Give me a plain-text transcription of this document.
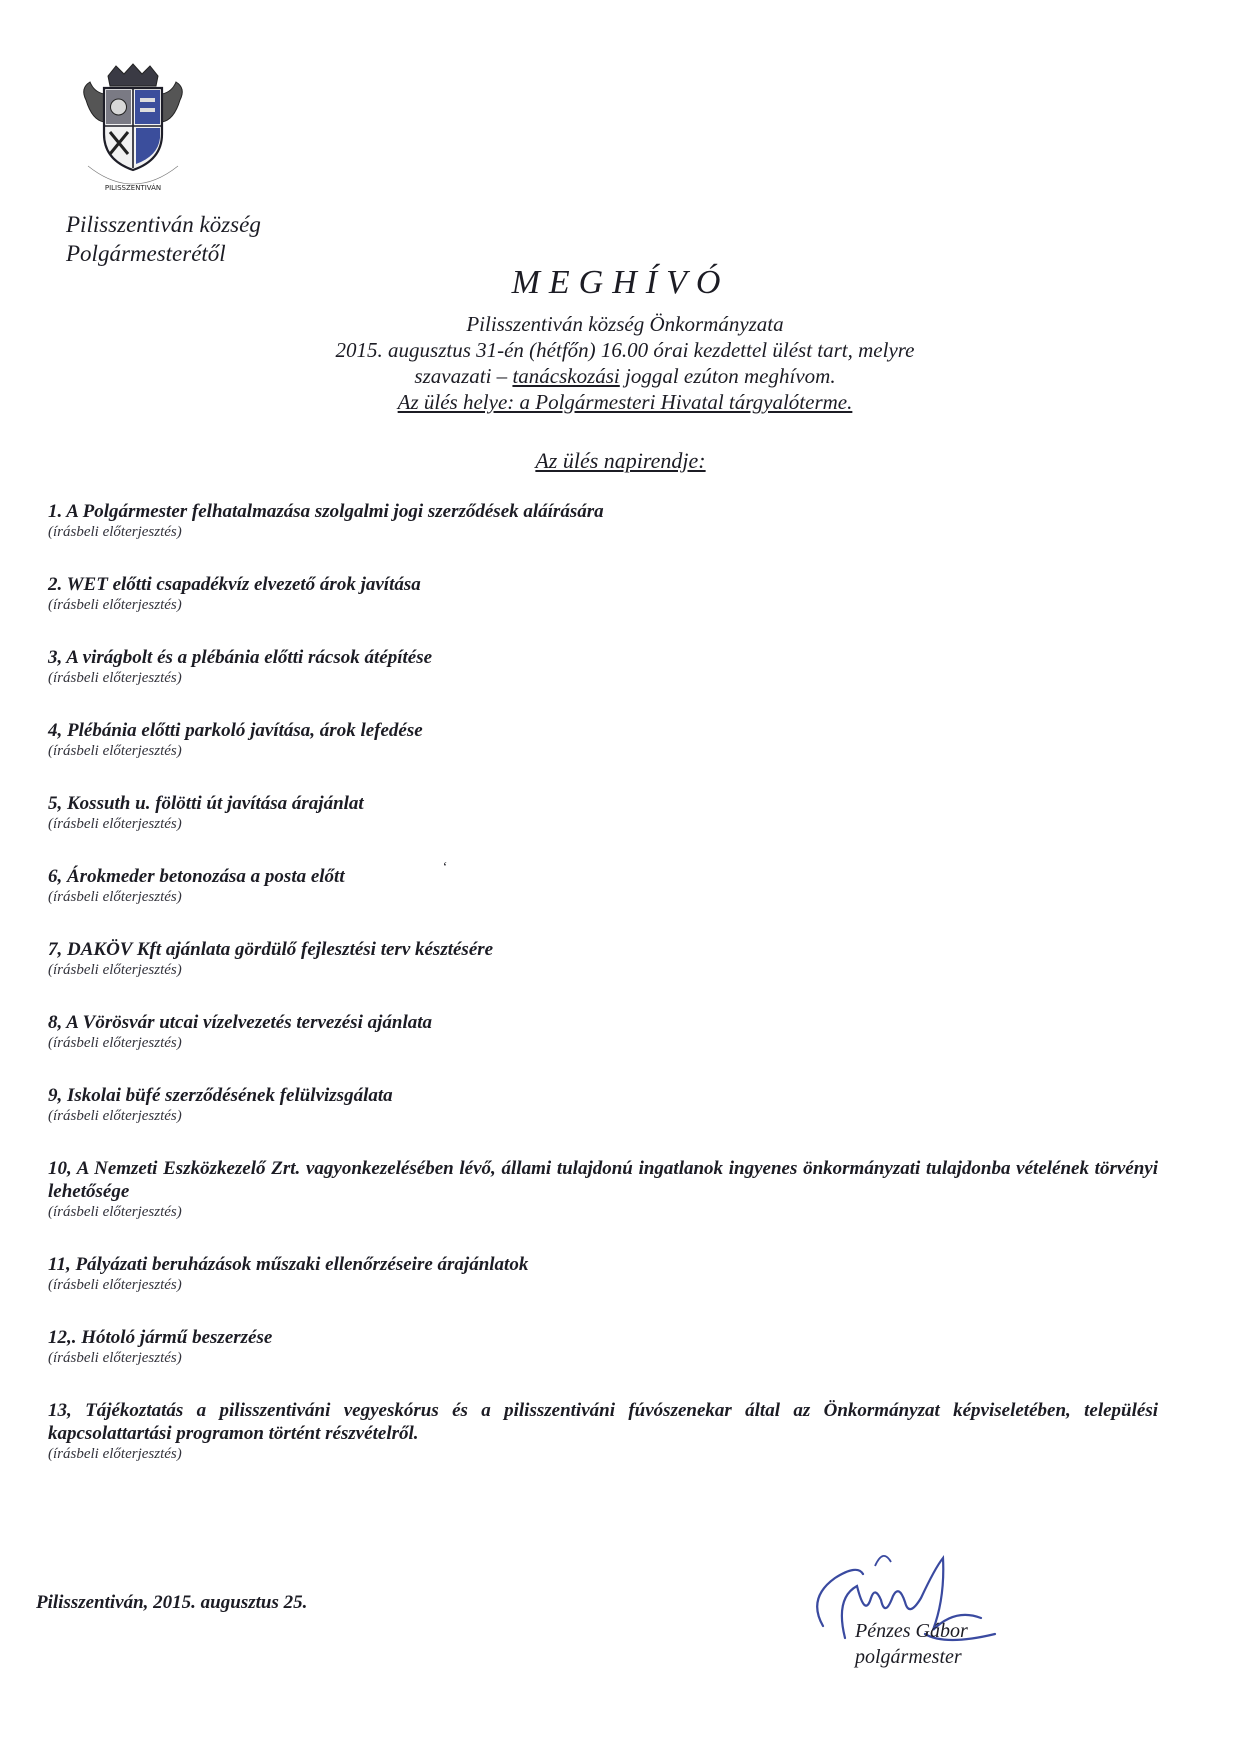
PILISSZENTIVÁN
Pilisszentiván község
Polgármesterétől
MEGHÍVÓ
Pilisszentiván község Önkormányzata
2015. augusztus 31-én (hétfőn) 16.00 órai kezdettel ülést tart, melyre
szavazati – tanácskozási joggal ezúton meghívom.
Az ülés helye: a Polgármesteri Hivatal tárgyalóterme.
Az ülés napirendje:
1. A Polgármester felhatalmazása szolgalmi jogi szerződések aláírására
(írásbeli előterjesztés)
2. WET előtti csapadékvíz elvezető árok javítása
(írásbeli előterjesztés)
3, A virágbolt és a plébánia előtti rácsok átépítése
(írásbeli előterjesztés)
4, Plébánia előtti parkoló javítása, árok lefedése
(írásbeli előterjesztés)
5, Kossuth u. fölötti út javítása árajánlat
(írásbeli előterjesztés)
6, Árokmeder betonozása a posta előtt
(írásbeli előterjesztés)
7, DAKÖV Kft ajánlata gördülő fejlesztési terv késztésére
(írásbeli előterjesztés)
8, A Vörösvár utcai vízelvezetés tervezési ajánlata
(írásbeli előterjesztés)
9, Iskolai büfé szerződésének felülvizsgálata
(írásbeli előterjesztés)
10, A Nemzeti Eszközkezelő Zrt. vagyonkezelésében lévő, állami tulajdonú ingatlanok ingyenes önkormányzati tulajdonba vételének törvényi lehetősége
(írásbeli előterjesztés)
11, Pályázati beruházások műszaki ellenőrzéseire árajánlatok
(írásbeli előterjesztés)
12,. Hótoló jármű beszerzése
(írásbeli előterjesztés)
13, Tájékoztatás a pilisszentiváni vegyeskórus és a pilisszentiváni fúvószenekar által az Önkormányzat képviseletében, települési kapcsolattartási programon történt részvételről.
(írásbeli előterjesztés)
‘
Pilisszentiván, 2015. augusztus 25.
Pénzes Gábor
polgármester
